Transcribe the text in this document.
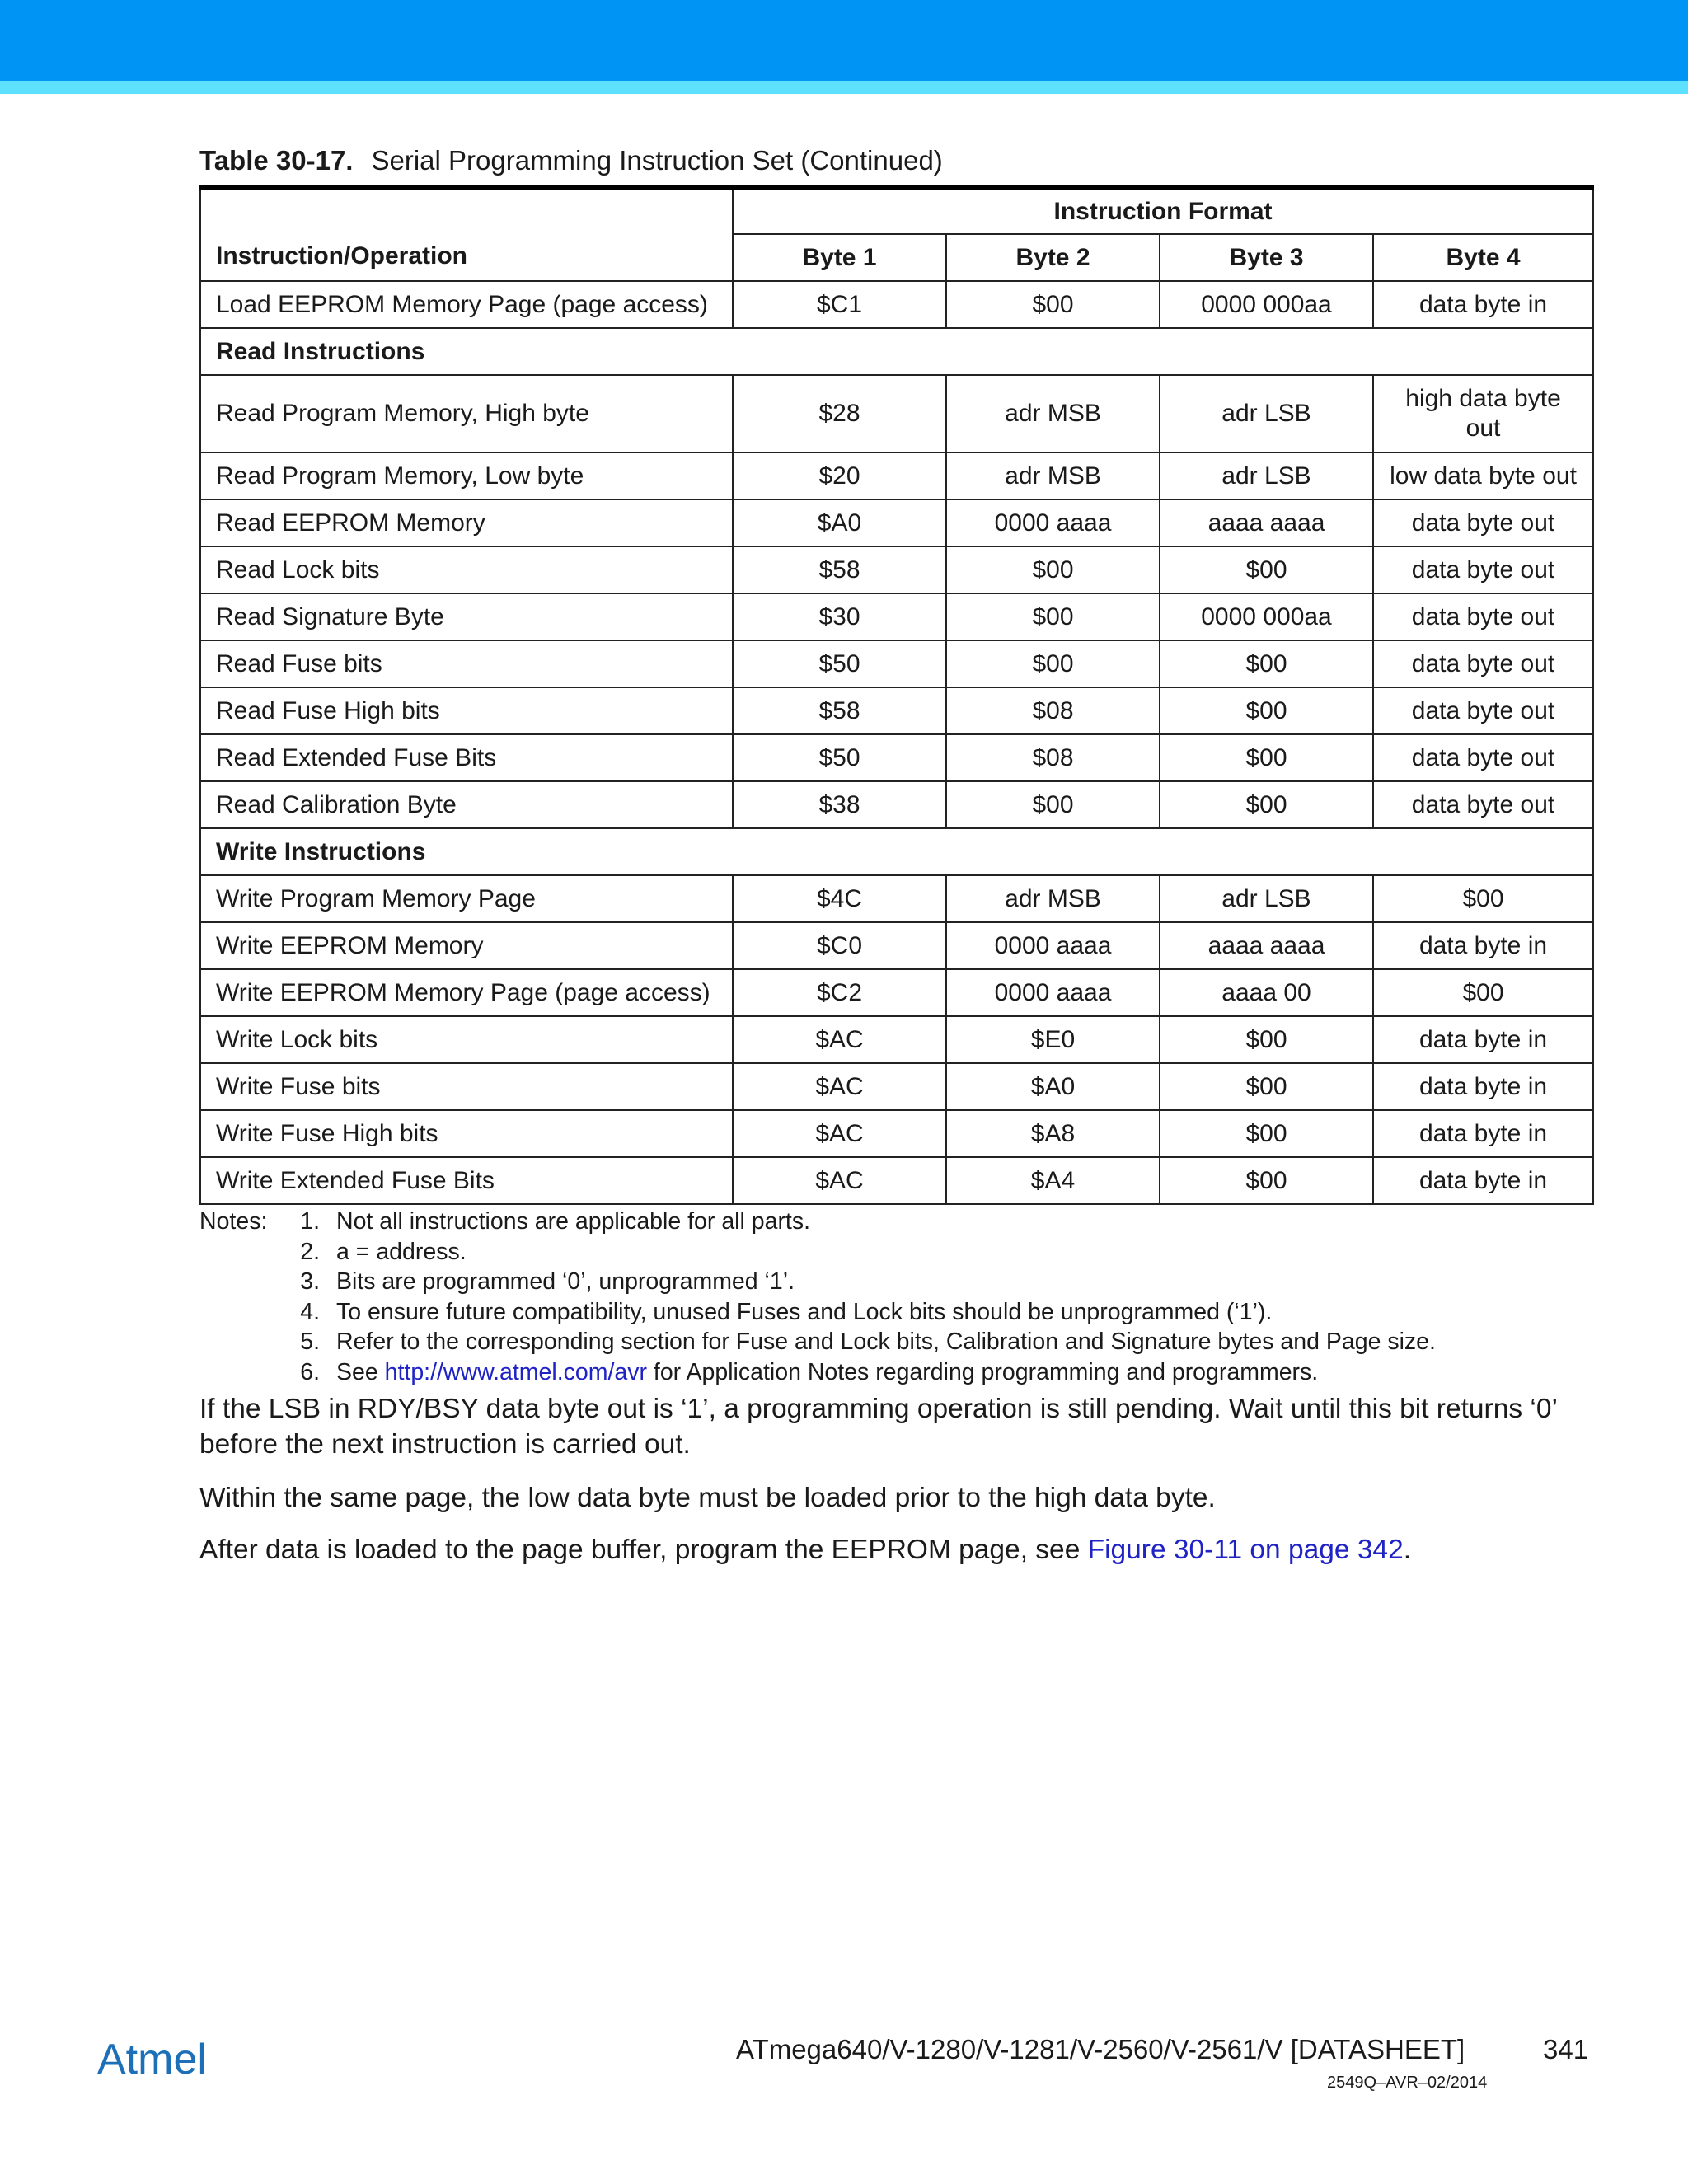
Table 30-17. Serial Programming Instruction Set (Continued)
Instruction/Operation	Instruction Format			
	Byte 1	Byte 2	Byte 3	Byte 4
Load EEPROM Memory Page (page access)	$C1	$00	0000 000aa	data byte in
Read Instructions				
Read Program Memory, High byte	$28	adr MSB	adr LSB	high data byte out
Read Program Memory, Low byte	$20	adr MSB	adr LSB	low data byte out
Read EEPROM Memory	$A0	0000 aaaa	aaaa aaaa	data byte out
Read Lock bits	$58	$00	$00	data byte out
Read Signature Byte	$30	$00	0000 000aa	data byte out
Read Fuse bits	$50	$00	$00	data byte out
Read Fuse High bits	$58	$08	$00	data byte out
Read Extended Fuse Bits	$50	$08	$00	data byte out
Read Calibration Byte	$38	$00	$00	data byte out
Write Instructions				
Write Program Memory Page	$4C	adr MSB	adr LSB	$00
Write EEPROM Memory	$C0	0000 aaaa	aaaa aaaa	data byte in
Write EEPROM Memory Page (page access)	$C2	0000 aaaa	aaaa 00	$00
Write Lock bits	$AC	$E0	$00	data byte in
Write Fuse bits	$AC	$A0	$00	data byte in
Write Fuse High bits	$AC	$A8	$00	data byte in
Write Extended Fuse Bits	$AC	$A4	$00	data byte in
Notes: 1. Not all instructions are applicable for all parts.
2. a = address.
3. Bits are programmed ‘0’, unprogrammed ‘1’.
4. To ensure future compatibility, unused Fuses and Lock bits should be unprogrammed (‘1’).
5. Refer to the corresponding section for Fuse and Lock bits, Calibration and Signature bytes and Page size.
6. See http://www.atmel.com/avr for Application Notes regarding programming and programmers.
If the LSB in RDY/BSY data byte out is ‘1’, a programming operation is still pending. Wait until this bit returns ‘0’ before the next instruction is carried out.
Within the same page, the low data byte must be loaded prior to the high data byte.
After data is loaded to the page buffer, program the EEPROM page, see Figure 30-11 on page 342.
Atmel	ATmega640/V-1280/V-1281/V-2560/V-2561/V [DATASHEET]	341
2549Q–AVR–02/2014
